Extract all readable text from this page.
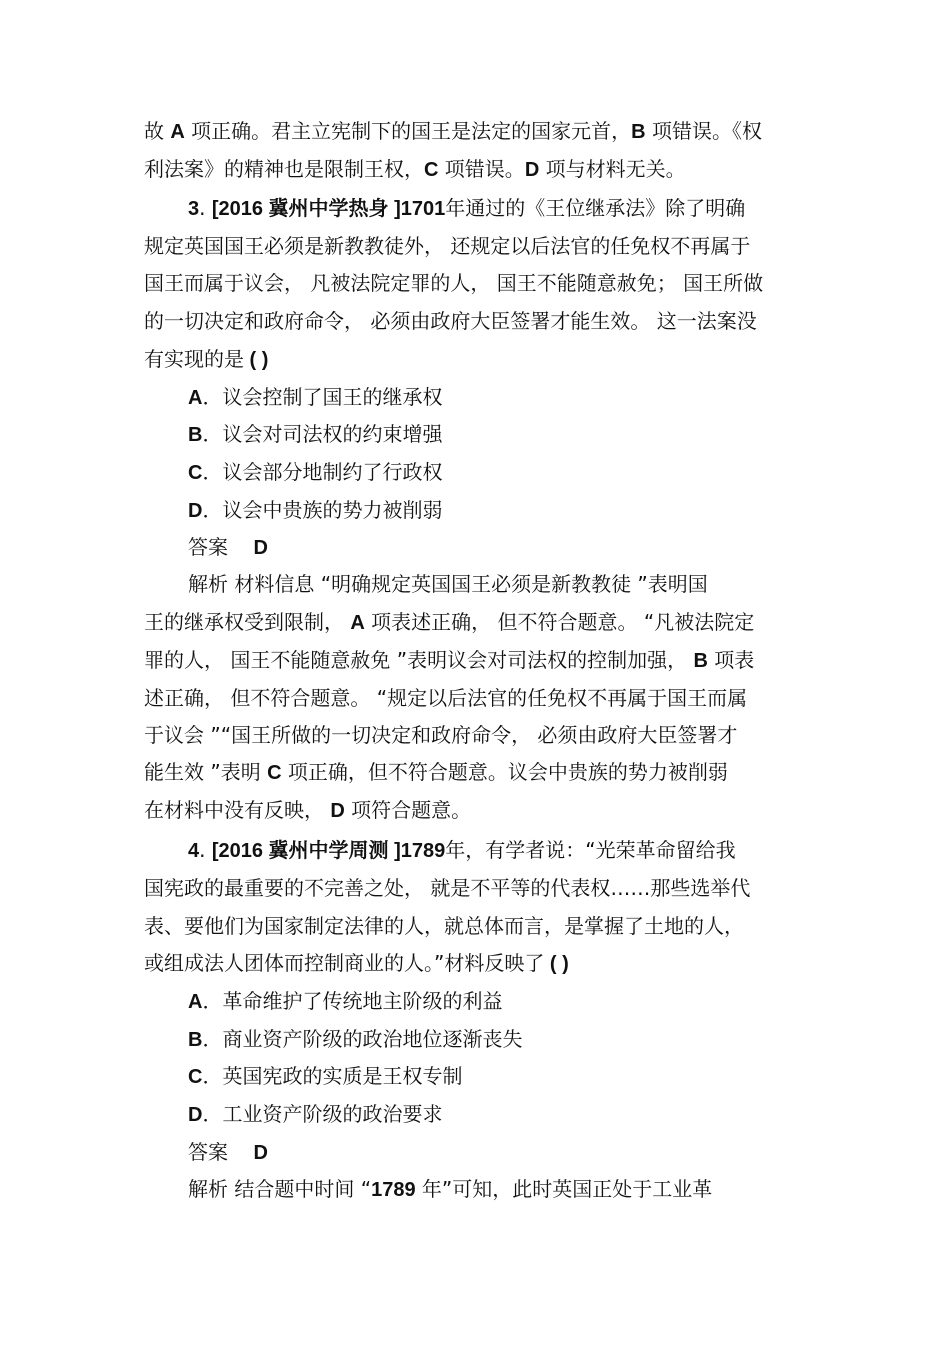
故 A 项正确。君主立宪制下的国王是法定的国家元首，B 项错误。《权
利法案》的精神也是限制王权，C 项错误。D 项与材料无关。
3. [2016 冀州中学热身 ]1701年通过的《王位继承法》除了明确
规定英国国王必须是新教教徒外， 还规定以后法官的任免权不再属于
国王而属于议会， 凡被法院定罪的人， 国王不能随意赦免； 国王所做
的一切决定和政府命令， 必须由政府大臣签署才能生效。 这一法案没
有实现的是 ( )
A．议会控制了国王的继承权
B．议会对司法权的约束增强
C．议会部分地制约了行政权
D．议会中贵族的势力被削弱
答案 D
解析 材料信息 “明确规定英国国王必须是新教教徒 ”表明国
王的继承权受到限制， A 项表述正确， 但不符合题意。 “凡被法院定
罪的人， 国王不能随意赦免 ”表明议会对司法权的控制加强， B 项表
述正确， 但不符合题意。 “规定以后法官的任免权不再属于国王而属
于议会 ”“国王所做的一切决定和政府命令， 必须由政府大臣签署才
能生效 ”表明 C 项正确，但不符合题意。议会中贵族的势力被削弱
在材料中没有反映， D 项符合题意。
4. [2016 冀州中学周测 ]1789年，有学者说：“光荣革命留给我
国宪政的最重要的不完善之处， 就是不平等的代表权……那些选举代
表、要他们为国家制定法律的人，就总体而言，是掌握了土地的人，
或组成法人团体而控制商业的人。”材料反映了 ( )
A．革命维护了传统地主阶级的利益
B．商业资产阶级的政治地位逐渐丧失
C．英国宪政的实质是王权专制
D．工业资产阶级的政治要求
答案 D
解析 结合题中时间 “1789 年”可知，此时英国正处于工业革
